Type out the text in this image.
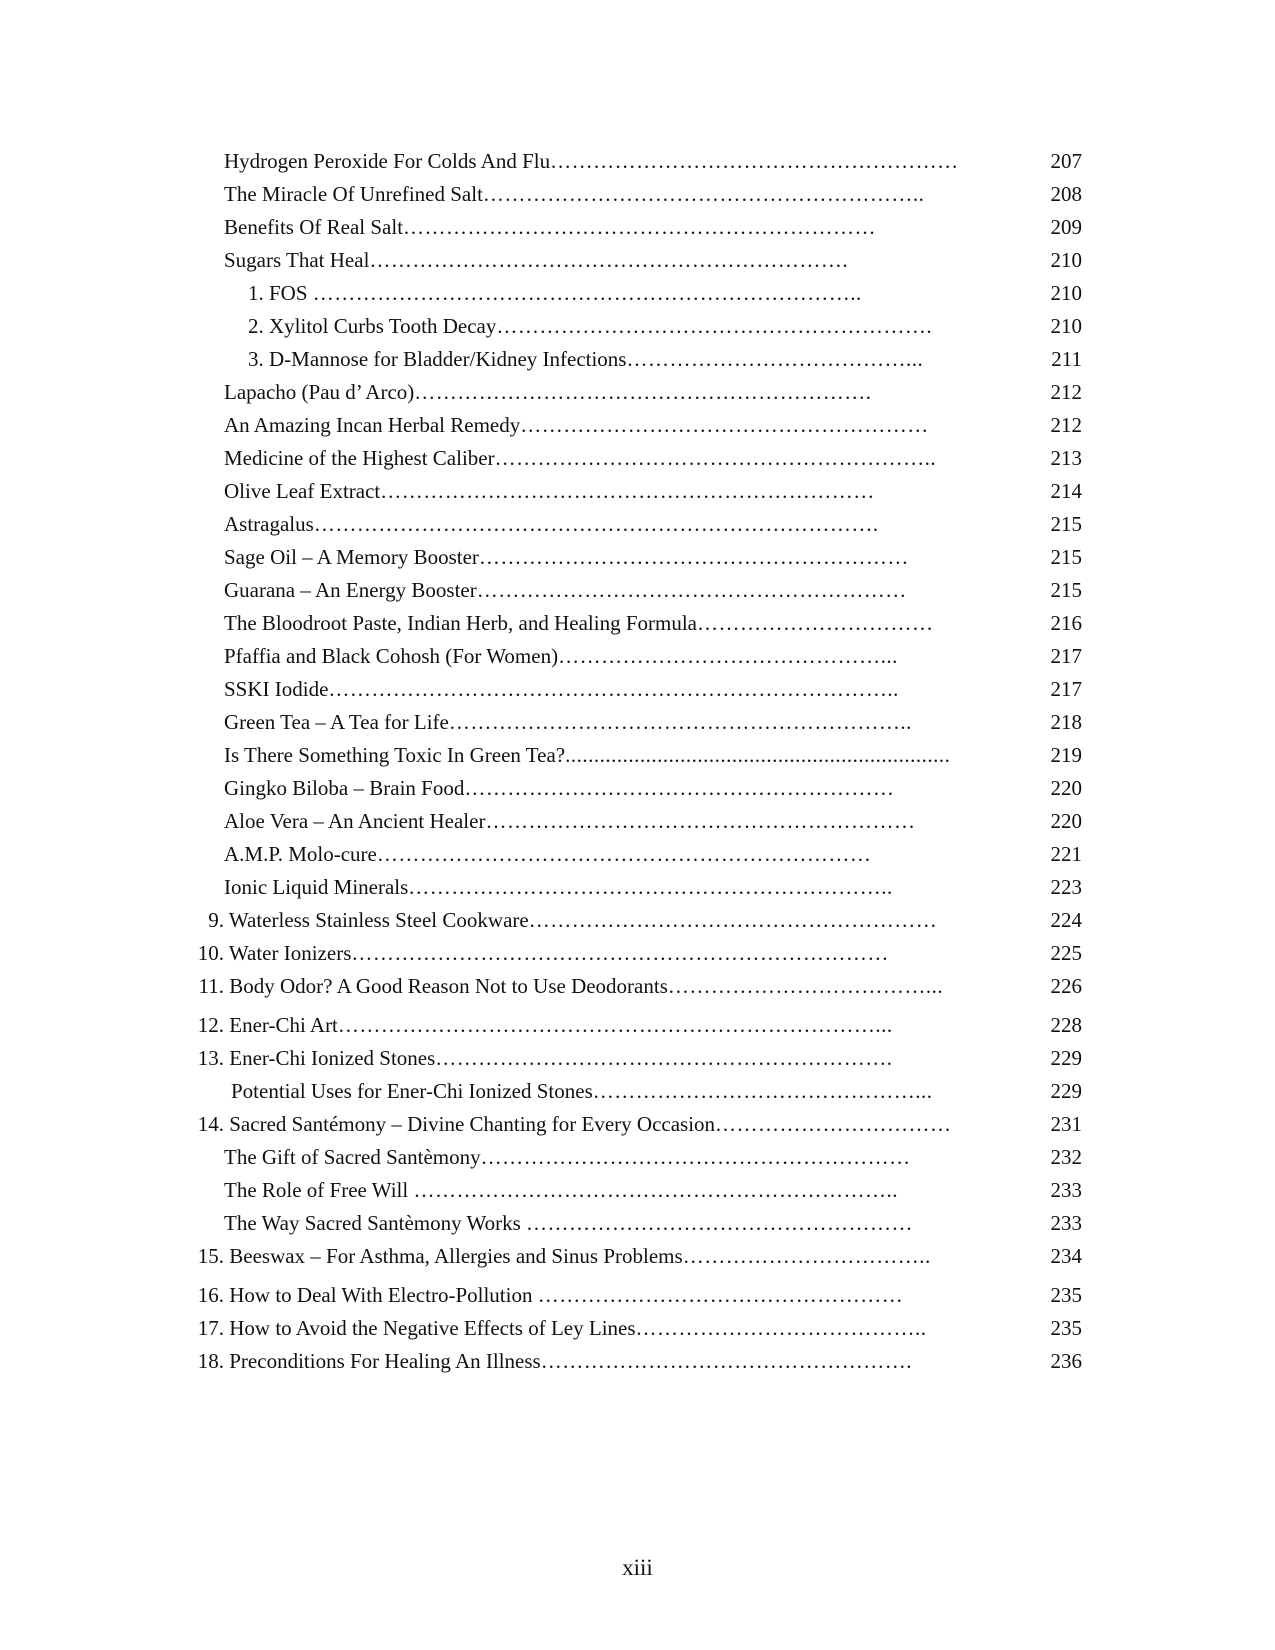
Hydrogen Peroxide For Colds And Flu…………………………………………………	207
The Miracle Of Unrefined Salt……………………………………………………..	208
Benefits Of Real Salt…………………………………………………………	209
Sugars That Heal………………………………………………………….	210
1. FOS …………………………………………………………………..	210
2. Xylitol Curbs Tooth Decay…………………………………………………….	210
3. D-Mannose for Bladder/Kidney Infections…………………………………...	211
Lapacho (Pau d’ Arco)……………………………………………………….	212
An Amazing Incan Herbal Remedy…………………………………………………	212
Medicine of the Highest Caliber……………………………………………………..	213
Olive Leaf Extract……………………………………………………………	214
Astragalus…………………………………………………………………….	215
Sage Oil – A Memory Booster……………………………………………………	215
Guarana – An Energy Booster……………………………………………………	215
The Bloodroot Paste, Indian Herb, and Healing Formula……………………………	216
Pfaffia and Black Cohosh (For Women)………………………………………...	217
SSKI Iodide……………………………………………………………………..	217
Green Tea – A Tea for Life………………………………………………………..	218
Is There Something Toxic In Green Tea?...................................................................	219
Gingko Biloba – Brain Food……………………………………………………	220
Aloe Vera – An Ancient Healer……………………………………………………	220
A.M.P. Molo-cure……………………………………………………………	221
Ionic Liquid Minerals…………………………………………………………..	223
9. Waterless Stainless Steel Cookware…………………………………………………	224
10. Water Ionizers…………………………………………………………………	225
11. Body Odor? A Good Reason Not to Use Deodorants………………………………...	226
12. Ener-Chi Art…………………………………………………………………...	228
13. Ener-Chi Ionized Stones……………………………………………………….	229
Potential Uses for Ener-Chi Ionized Stones………………………………………...	229
14. Sacred Santémony – Divine Chanting for Every Occasion……………………………	231
The Gift of Sacred Santèmony……………………………………………………	232
The Role of Free Will …………………………………………………………..	233
The Way Sacred Santèmony Works ………………………………………………	233
15. Beeswax – For Asthma, Allergies and Sinus Problems……………………………..	234
16. How to Deal With Electro-Pollution ……………………………………………	235
17. How to Avoid the Negative Effects of Ley Lines…………………………………..	235
18. Preconditions For Healing An Illness…………………………………………….	236
xiii
